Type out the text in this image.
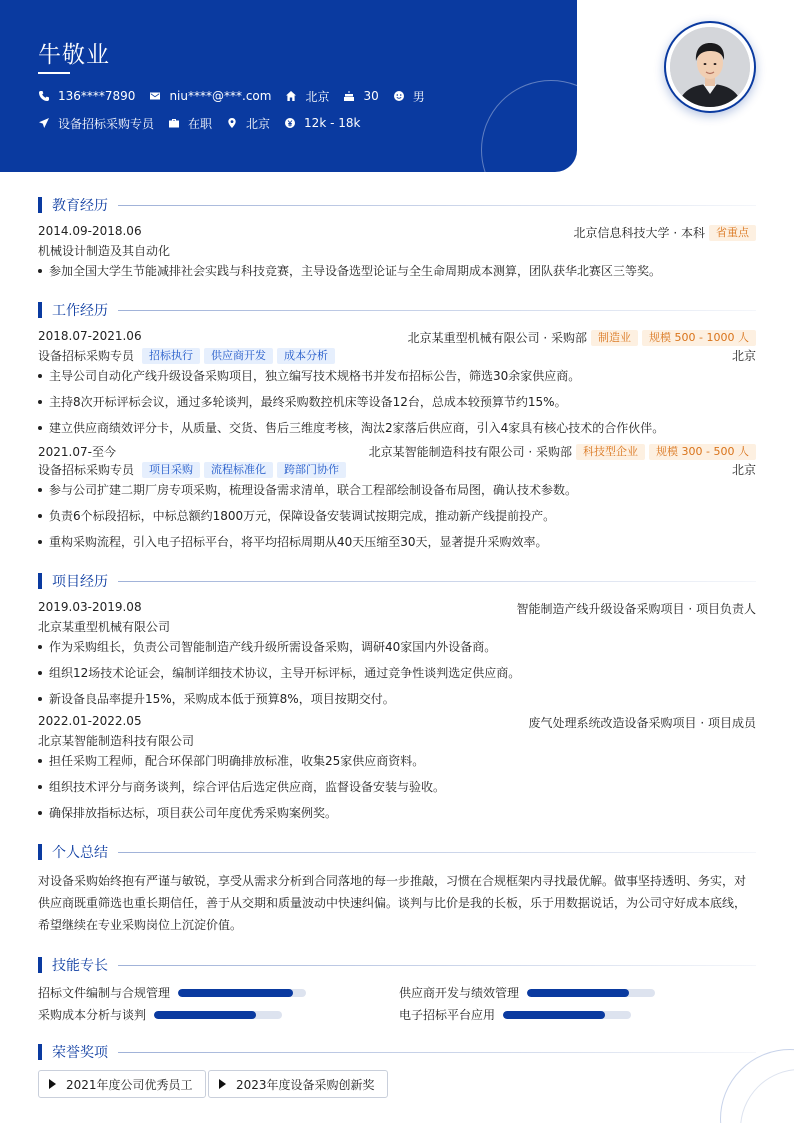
牛敬业
136****7890	niu****@***.com	北京	30	男
设备招标采购专员	在职	北京	12k - 18k
教育经历
2014.09-2018.06	北京信息科技大学 · 本科	省重点
机械设计制造及其自动化
参加全国大学生节能减排社会实践与科技竞赛，主导设备选型论证与全生命周期成本测算，团队获华北赛区三等奖。
工作经历
2018.07-2021.06	北京某重型机械有限公司 · 采购部	制造业	规模 500 - 1000 人
设备招标采购专员	招标执行	供应商开发	成本分析	北京
主导公司自动化产线升级设备采购项目，独立编写技术规格书并发布招标公告，筛选30余家供应商。
主持8次开标评标会议，通过多轮谈判，最终采购数控机床等设备12台，总成本较预算节约15%。
建立供应商绩效评分卡，从质量、交货、售后三维度考核，淘汰2家落后供应商，引入4家具有核心技术的合作伙伴。
2021.07-至今	北京某智能制造科技有限公司 · 采购部	科技型企业	规模 300 - 500 人
设备招标采购专员	项目采购	流程标准化	跨部门协作	北京
参与公司扩建二期厂房专项采购，梳理设备需求清单，联合工程部绘制设备布局图，确认技术参数。
负责6个标段招标，中标总额约1800万元，保障设备安装调试按期完成，推动新产线提前投产。
重构采购流程，引入电子招标平台，将平均招标周期从40天压缩至30天，显著提升采购效率。
项目经历
2019.03-2019.08	智能制造产线升级设备采购项目 · 项目负责人
北京某重型机械有限公司
作为采购组长，负责公司智能制造产线升级所需设备采购，调研40家国内外设备商。
组织12场技术论证会，编制详细技术协议，主导开标评标，通过竞争性谈判选定供应商。
新设备良品率提升15%，采购成本低于预算8%，项目按期交付。
2022.01-2022.05	废气处理系统改造设备采购项目 · 项目成员
北京某智能制造科技有限公司
担任采购工程师，配合环保部门明确排放标准，收集25家供应商资料。
组织技术评分与商务谈判，综合评估后选定供应商，监督设备安装与验收。
确保排放指标达标，项目获公司年度优秀采购案例奖。
个人总结
对设备采购始终抱有严谨与敏锐，享受从需求分析到合同落地的每一步推敲，习惯在合规框架内寻找最优解。做事坚持透明、务实，对供应商既重筛选也重长期信任，善于从交期和质量波动中快速纠偏。谈判与比价是我的长板，乐于用数据说话，为公司守好成本底线，希望继续在专业采购岗位上沉淀价值。
技能专长
招标文件编制与合规管理	供应商开发与绩效管理
采购成本分析与谈判	电子招标平台应用
荣誉奖项
2021年度公司优秀员工	2023年度设备采购创新奖
